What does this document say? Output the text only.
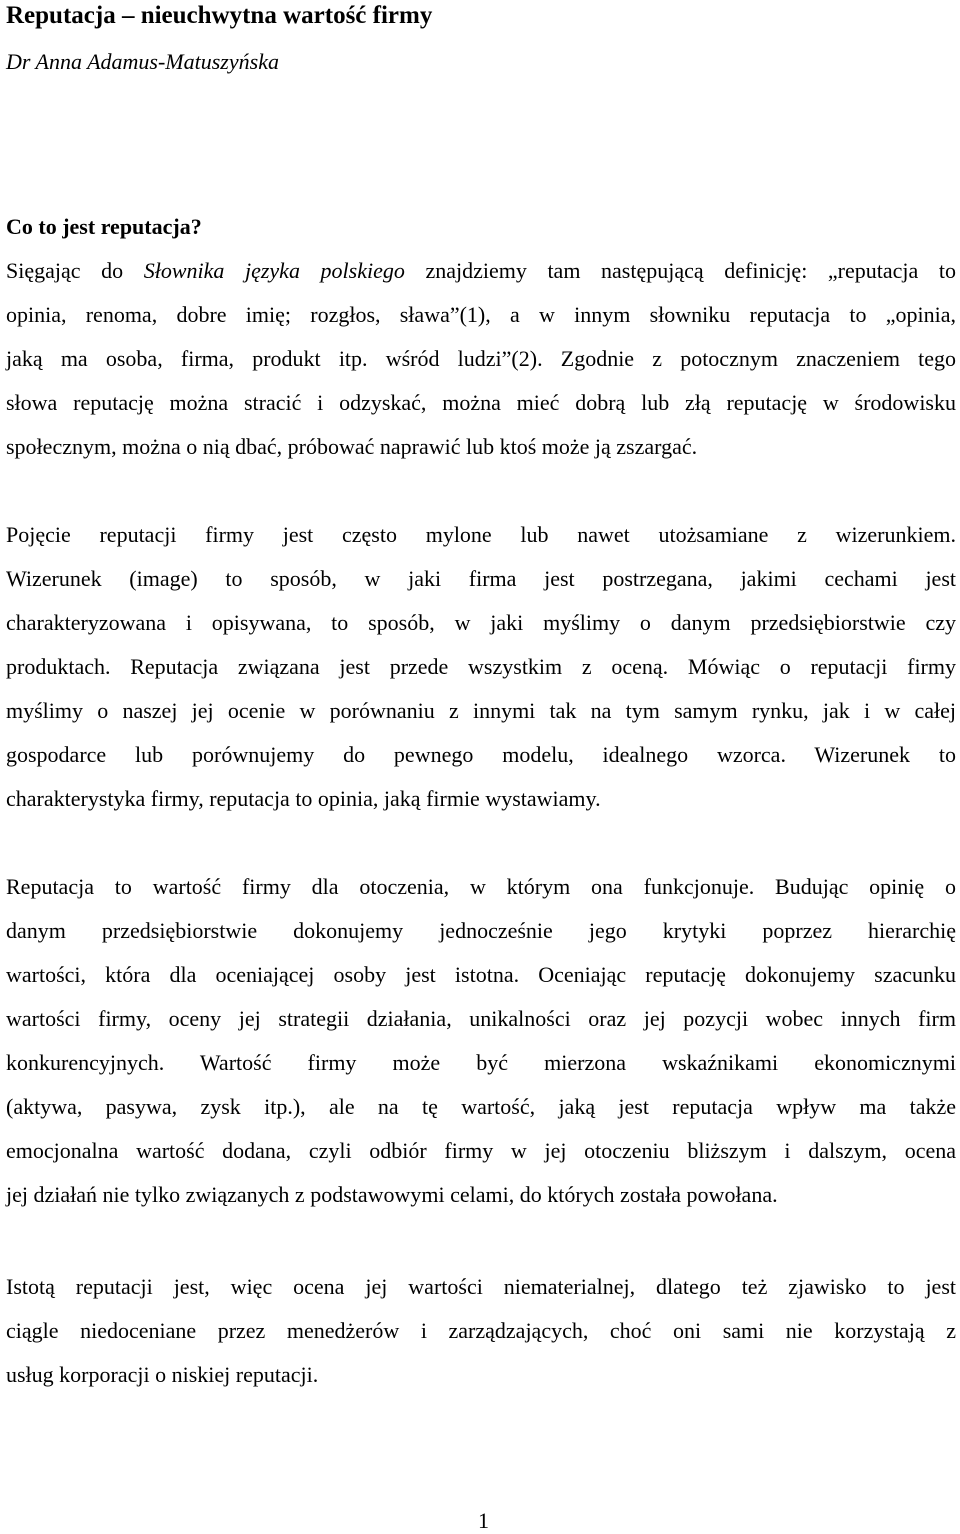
Reputacja – nieuchwytna wartość firmy
Dr Anna Adamus-Matuszyńska
Co to jest reputacja?
Sięgając do Słownika języka polskiego znajdziemy tam następującą definicję: „reputacja to
opinia, renoma, dobre imię; rozgłos, sława”(1), a w innym słowniku reputacja to „opinia,
jaką ma osoba, firma, produkt itp. wśród ludzi”(2). Zgodnie z potocznym znaczeniem tego
słowa reputację można stracić i odzyskać, można mieć dobrą lub złą reputację w środowisku
społecznym, można o nią dbać, próbować naprawić lub ktoś może ją zszargać.
Pojęcie reputacji firmy jest często mylone lub nawet utożsamiane z wizerunkiem.
Wizerunek (image) to sposób, w jaki firma jest postrzegana, jakimi cechami jest
charakteryzowana i opisywana, to sposób, w jaki myślimy o danym przedsiębiorstwie czy
produktach. Reputacja związana jest przede wszystkim z oceną. Mówiąc o reputacji firmy
myślimy o naszej jej ocenie w porównaniu z innymi tak na tym samym rynku, jak i w całej
gospodarce lub porównujemy do pewnego modelu, idealnego wzorca. Wizerunek to
charakterystyka firmy, reputacja to opinia, jaką firmie wystawiamy.
Reputacja to wartość firmy dla otoczenia, w którym ona funkcjonuje. Budując opinię o
danym przedsiębiorstwie dokonujemy jednocześnie jego krytyki poprzez hierarchię
wartości, która dla oceniającej osoby jest istotna. Oceniając reputację dokonujemy szacunku
wartości firmy, oceny jej strategii działania, unikalności oraz jej pozycji wobec innych firm
konkurencyjnych. Wartość firmy może być mierzona wskaźnikami ekonomicznymi
(aktywa, pasywa, zysk itp.), ale na tę wartość, jaką jest reputacja wpływ ma także
emocjonalna wartość dodana, czyli odbiór firmy w jej otoczeniu bliższym i dalszym, ocena
jej działań nie tylko związanych z podstawowymi celami, do których została powołana.
Istotą reputacji jest, więc ocena jej wartości niematerialnej, dlatego też zjawisko to jest
ciągle niedoceniane przez menedżerów i zarządzających, choć oni sami nie korzystają z
usług korporacji o niskiej reputacji.
1
